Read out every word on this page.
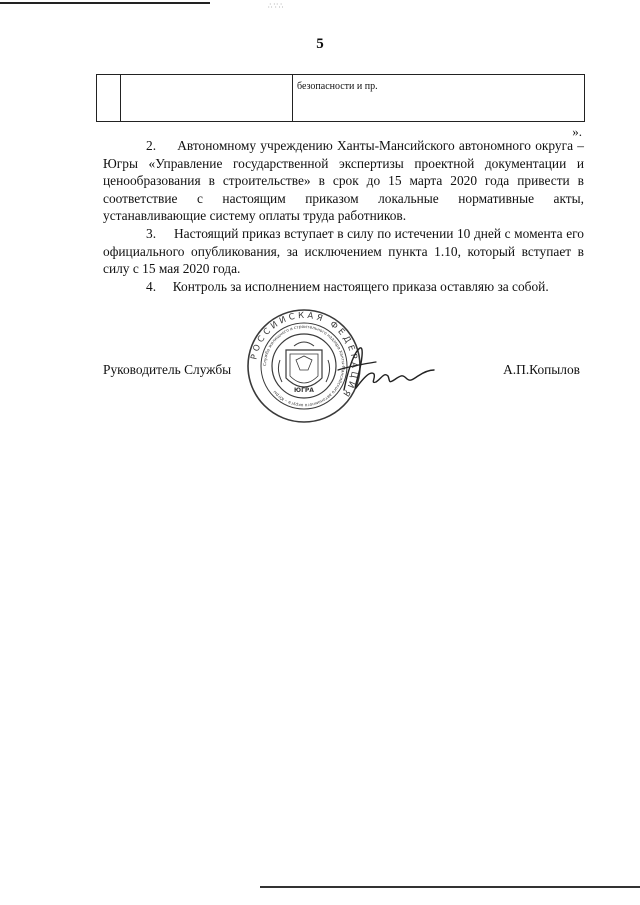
∴∵∴
5
		безопасности и пр.
».

2.     Автономному учреждению Ханты-Мансийского автономного округа – Югры «Управление государственной экспертизы проектной документации и ценообразования в строительстве» в срок до 15 марта 2020 года привести в соответствие с настоящим приказом локальные нормативные акты, устанавливающие систему оплаты труда работников.

3.     Настоящий приказ вступает в силу по истечении 10 дней с момента его официального опубликования, за исключением пункта 1.10, который вступает в силу с 15 мая 2020 года.

4.     Контроль за исполнением настоящего приказа оставляю за собой.

Руководитель Службы	А.П.Копылов
РОССИЙСКАЯ ФЕДЕРАЦИЯ
Служба жилищного и строительного надзора Ханты-Мансийского автономного округа – Югры	ЮГРА
